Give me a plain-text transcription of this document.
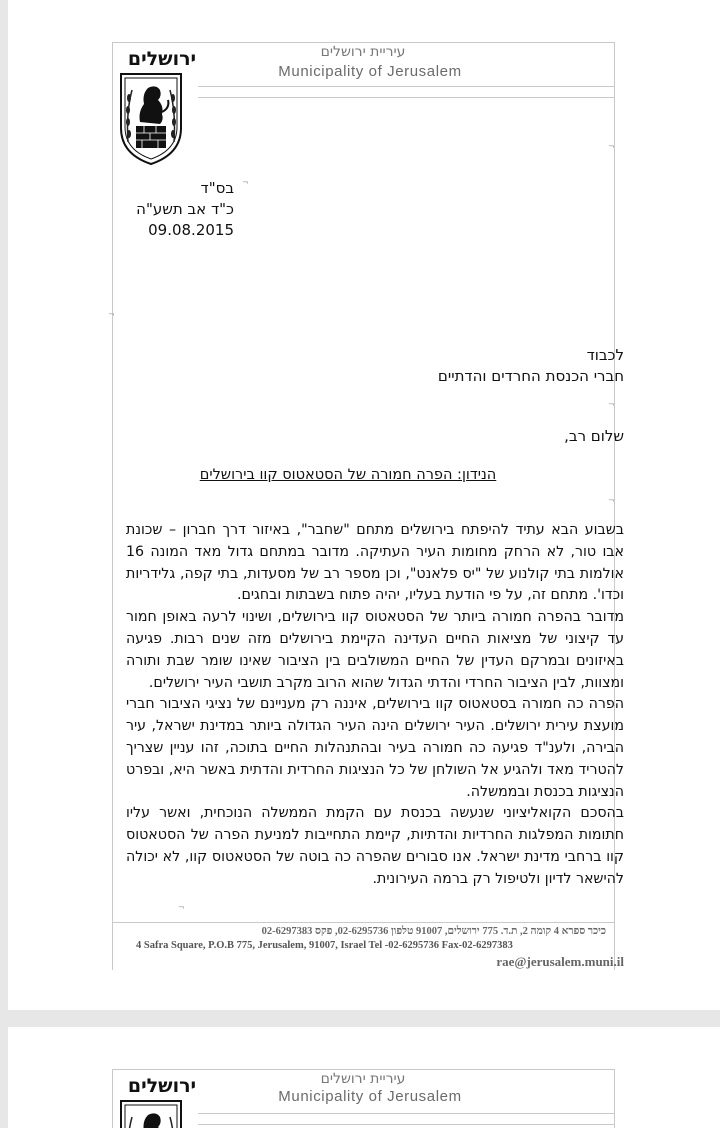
עיריית ירושלים
Municipality of Jerusalem
ירושלים
בס"ד
כ"ד אב תשע"ה
09.08.2015
לכבוד
חברי הכנסת החרדים והדתיים
שלום רב,
הנידון: הפרה חמורה של הסטאטוס קוו בירושלים

בשבוע הבא עתיד להיפתח בירושלים מתחם "שחבר", באיזור דרך חברון – שכונת אבו טור, לא הרחק מחומות העיר העתיקה. מדובר במתחם גדול מאד המונה 16 אולמות בתי קולנוע של "יס פלאנט", וכן מספר רב של מסעדות, בתי קפה, גלידריות וכדו'. מתחם זה, על פי הודעת בעליו, יהיה פתוח בשבתות ובחגים.

מדובר בהפרה חמורה ביותר של הסטאטוס קוו בירושלים, ושינוי לרעה באופן חמור עד קיצוני של מציאות החיים העדינה הקיימת בירושלים מזה שנים רבות. פגיעה באיזונים ובמרקם העדין של החיים המשולבים בין הציבור שאינו שומר שבת ותורה ומצוות, לבין הציבור החרדי והדתי הגדול שהוא הרוב מקרב תושבי העיר ירושלים.

הפרה כה חמורה בסטאטוס קוו בירושלים, איננה רק מעניינם של נציגי הציבור חברי מועצת עירית ירושלים. העיר ירושלים הינה העיר הגדולה ביותר במדינת ישראל, עיר הבירה, ולענ"ד פגיעה כה חמורה בעיר ובהתנהלות החיים בתוכה, זהו עניין שצריך להטריד מאד ולהגיע אל השולחן של כל הנציגות החרדית והדתית באשר היא, ובפרט הנציגות בכנסת ובממשלה.

בהסכם הקואליציוני שנעשה בכנסת עם הקמת הממשלה הנוכחית, ואשר עליו חתומות המפלגות החרדיות והדתיות, קיימת התחייבות למניעת הפרה של הסטאטוס קוו ברחבי מדינת ישראל. אנו סבורים שהפרה כה בוטה של הסטאטוס קוו, לא יכולה להישאר לדיון ולטיפול רק ברמה העירונית.

כיכר ספרא 4 קומה 2, ת.ד. 775 ירושלים, 91007 טלפון 02-6295736, פקס 02-6297383
4 Safra Square, P.O.B 775, Jerusalem, 91007, Israel Tel -02-6295736 Fax-02-6297383
rae@jerusalem.muni.il
¬
¬
¬
¬
¬
¬
עיריית ירושלים
Municipality of Jerusalem
ירושלים
